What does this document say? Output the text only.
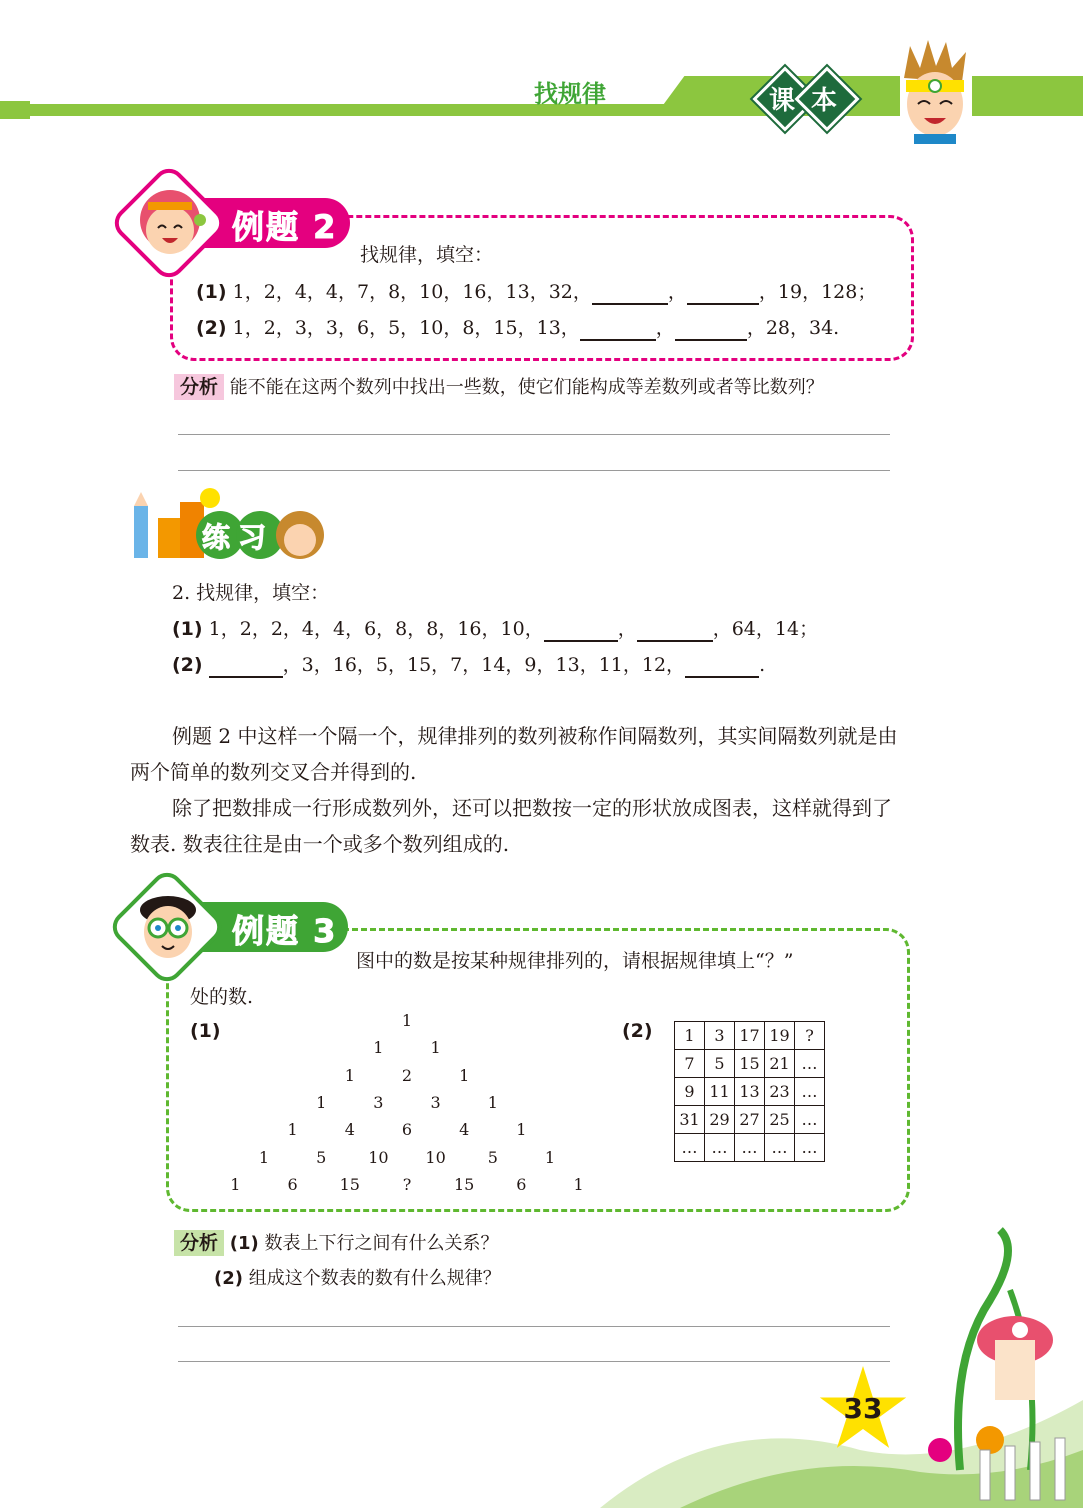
找规律	课 本
例题 2
找规律，填空：
(1) 1，2，4，4，7，8，10，16，13，32，	，	，19，128；
(2) 1，2，3，3，6，5，10，8，15，13，	，	，28，34.
分析 能不能在这两个数列中找出一些数，使它们能构成等差数列或者等比数列？
练习
2. 找规律，填空：
(1) 1，2，2，4，4，6，8，8，16，10，	，	，64，14；
(2)	，3，16，5，15，7，14，9，13，11，12，	.
例题 2 中这样一个隔一个，规律排列的数列被称作间隔数列，其实间隔数列就是由
两个简单的数列交叉合并得到的.
除了把数排成一行形成数列外，还可以把数按一定的形状放成图表，这样就得到了
数表. 数表往往是由一个或多个数列组成的.
例题 3
图中的数是按某种规律排列的，请根据规律填上“？”
处的数.
(1)	(2)
1
1	1
1	2	1
1	3	3	1
1	4	6	4	1
1	5	10	10	5	1
1	6	15	?	15	6	1
1	3	17	19	?
7	5	15	21	…
9	11	13	23	…
31	29	27	25	…
…	…	…	…	…
分析 (1) 数表上下行之间有什么关系？
(2) 组成这个数表的数有什么规律？
33
